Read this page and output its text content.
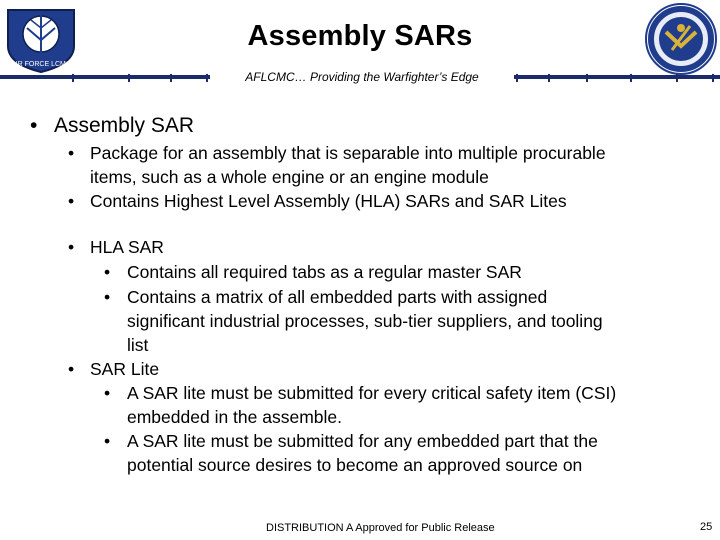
AIR FORCE LCMC
Assembly SARs
AFLCMC… Providing the Warfighter’s Edge
• Assembly SAR
• Package for an assembly that is separable into multiple procurable
items, such as a whole engine or an engine module
• Contains Highest Level Assembly (HLA) SARs and SAR Lites
• HLA SAR
• Contains all required tabs as a regular master SAR
• Contains a matrix of all embedded parts with assigned
significant industrial processes, sub-tier suppliers, and tooling
list
• SAR Lite
• A SAR lite must be submitted for every critical safety item (CSI)
embedded in the assemble.
• A SAR lite must be submitted for any embedded part that the
potential source desires to become an approved source on
DISTRIBUTION A Approved for Public Release	25
